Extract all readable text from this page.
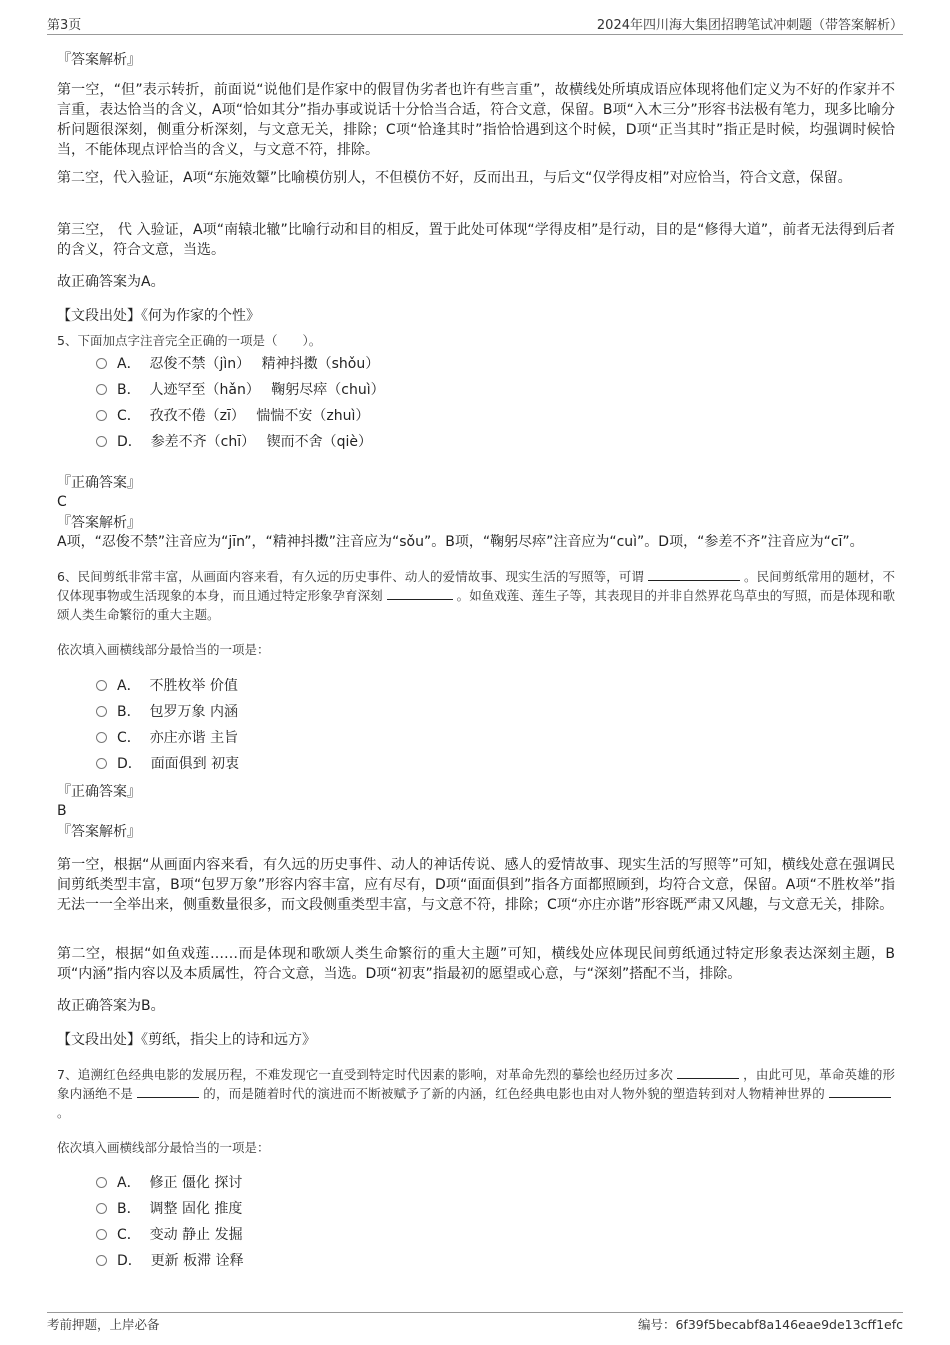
第3页	2024年四川海大集团招聘笔试冲刺题（带答案解析）
『答案解析』
第一空，“但”表示转折，前面说“说他们是作家中的假冒伪劣者也许有些言重”，故横线处所填成语应体现将他们定义为不好的作家并不言重，表达恰当的含义，A项“恰如其分”指办事或说话十分恰当合适，符合文意，保留。B项“入木三分”形容书法极有笔力，现多比喻分析问题很深刻，侧重分析深刻，与文意无关，排除；C项“恰逢其时”指恰恰遇到这个时候，D项“正当其时”指正是时候，均强调时候恰当，不能体现点评恰当的含义，与文意不符，排除。
第二空，代入验证，A项“东施效颦”比喻模仿别人，不但模仿不好，反而出丑，与后文“仅学得皮相”对应恰当，符合文意，保留。
第三空， 代 入验证，A项“南辕北辙”比喻行动和目的相反，置于此处可体现“学得皮相”是行动，目的是“修得大道”，前者无法得到后者的含义，符合文意，当选。
故正确答案为A。
【文段出处】《何为作家的个性》
5、下面加点字注音完全正确的一项是（　　）。
A． 忍俊不禁（jìn）　 精神抖擞（shǒu）
B． 人迹罕至（hǎn）　 鞠躬尽瘁（chuì）
C． 孜孜不倦（zī）　 惴惴不安（zhuì）
D． 参差不齐（chī）　 锲而不舍（qiè）
『正确答案』
C
『答案解析』
A项，“忍俊不禁”注音应为“jīn”，“精神抖擞”注音应为“sǒu”。B项，“鞠躬尽瘁”注音应为“cuì”。D项，“参差不齐”注音应为“cī”。
6、民间剪纸非常丰富，从画面内容来看，有久远的历史事件、动人的爱情故事、现实生活的写照等，可谓	。民间剪纸常用的题材，不仅体现事物或生活现象的本身，而且通过特定形象孕育深刻	。如鱼戏莲、莲生子等，其表现目的并非自然界花鸟草虫的写照，而是体现和歌颂人类生命繁衍的重大主题。
依次填入画横线部分最恰当的一项是：
A． 不胜枚举 价值
B． 包罗万象 内涵
C． 亦庄亦谐 主旨
D． 面面俱到 初衷
『正确答案』
B
『答案解析』
第一空，根据“从画面内容来看，有久远的历史事件、动人的神话传说、感人的爱情故事、现实生活的写照等”可知，横线处意在强调民间剪纸类型丰富，B项“包罗万象”形容内容丰富，应有尽有，D项“面面俱到”指各方面都照顾到，均符合文意，保留。A项“不胜枚举”指无法一一全举出来，侧重数量很多，而文段侧重类型丰富，与文意不符，排除；C项“亦庄亦谐”形容既严肃又风趣，与文意无关，排除。
第二空，根据“如鱼戏莲……而是体现和歌颂人类生命繁衍的重大主题”可知，横线处应体现民间剪纸通过特定形象表达深刻主题，B项“内涵”指内容以及本质属性，符合文意，当选。D项“初衷”指最初的愿望或心意，与“深刻”搭配不当，排除。
故正确答案为B。
【文段出处】《剪纸，指尖上的诗和远方》
7、追溯红色经典电影的发展历程，不难发现它一直受到特定时代因素的影响，对革命先烈的摹绘也经历过多次	，由此可见，革命英雄的形象内涵绝不是	的，而是随着时代的演进而不断被赋予了新的内涵，红色经典电影也由对人物外貌的塑造转到对人物精神世界的。
依次填入画横线部分最恰当的一项是：
A． 修正 僵化 探讨
B． 调整 固化 推度
C． 变动 静止 发掘
D． 更新 板滞 诠释
考前押题，上岸必备	编号：6f39f5becabf8a146eae9de13cff1efc
